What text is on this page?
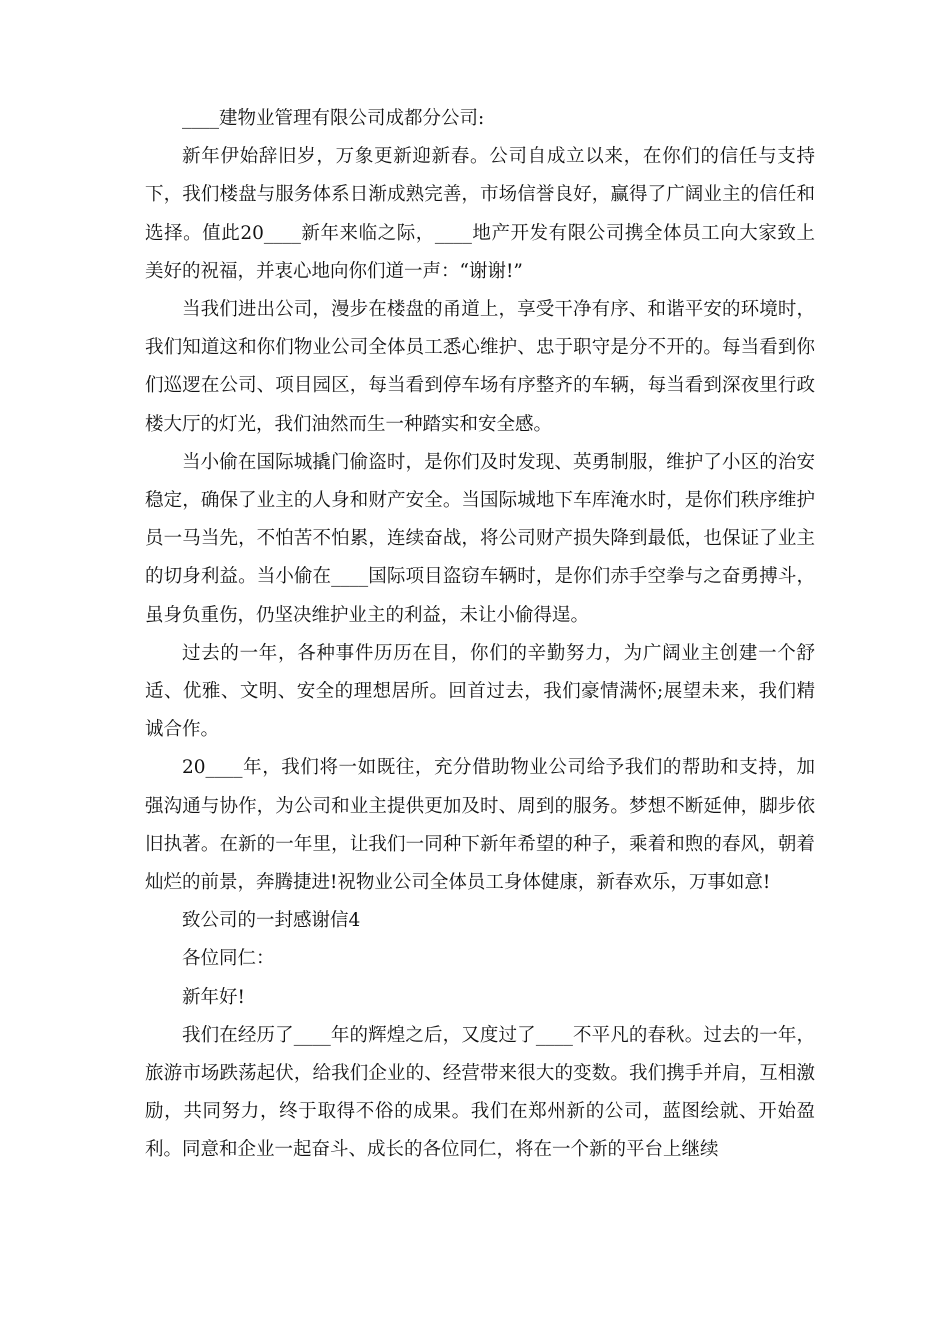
____建物业管理有限公司成都分公司:

新年伊始辞旧岁，万象更新迎新春。公司自成立以来，在你们的信任与支持下，我们楼盘与服务体系日渐成熟完善，市场信誉良好，赢得了广阔业主的信任和选择。值此20____新年来临之际，____地产开发有限公司携全体员工向大家致上美好的祝福，并衷心地向你们道一声：“谢谢!”

当我们进出公司，漫步在楼盘的甬道上，享受干净有序、和谐平安的环境时，我们知道这和你们物业公司全体员工悉心维护、忠于职守是分不开的。每当看到你们巡逻在公司、项目园区，每当看到停车场有序整齐的车辆，每当看到深夜里行政楼大厅的灯光，我们油然而生一种踏实和安全感。

当小偷在国际城撬门偷盗时，是你们及时发现、英勇制服，维护了小区的治安稳定，确保了业主的人身和财产安全。当国际城地下车库淹水时，是你们秩序维护员一马当先，不怕苦不怕累，连续奋战，将公司财产损失降到最低，也保证了业主的切身利益。当小偷在____国际项目盗窃车辆时，是你们赤手空拳与之奋勇搏斗，虽身负重伤，仍坚决维护业主的利益，未让小偷得逞。

过去的一年，各种事件历历在目，你们的辛勤努力，为广阔业主创建一个舒适、优雅、文明、安全的理想居所。回首过去，我们豪情满怀;展望未来，我们精诚合作。

20____年，我们将一如既往，充分借助物业公司给予我们的帮助和支持，加强沟通与协作，为公司和业主提供更加及时、周到的服务。梦想不断延伸，脚步依旧执著。在新的一年里，让我们一同种下新年希望的种子，乘着和煦的春风，朝着灿烂的前景，奔腾捷进!祝物业公司全体员工身体健康，新春欢乐，万事如意!

致公司的一封感谢信4

各位同仁：

新年好!

我们在经历了____年的辉煌之后，又度过了____不平凡的春秋。过去的一年，旅游市场跌荡起伏，给我们企业的、经营带来很大的变数。我们携手并肩，互相激励，共同努力，终于取得不俗的成果。我们在郑州新的公司，蓝图绘就、开始盈利。同意和企业一起奋斗、成长的各位同仁，将在一个新的平台上继续
